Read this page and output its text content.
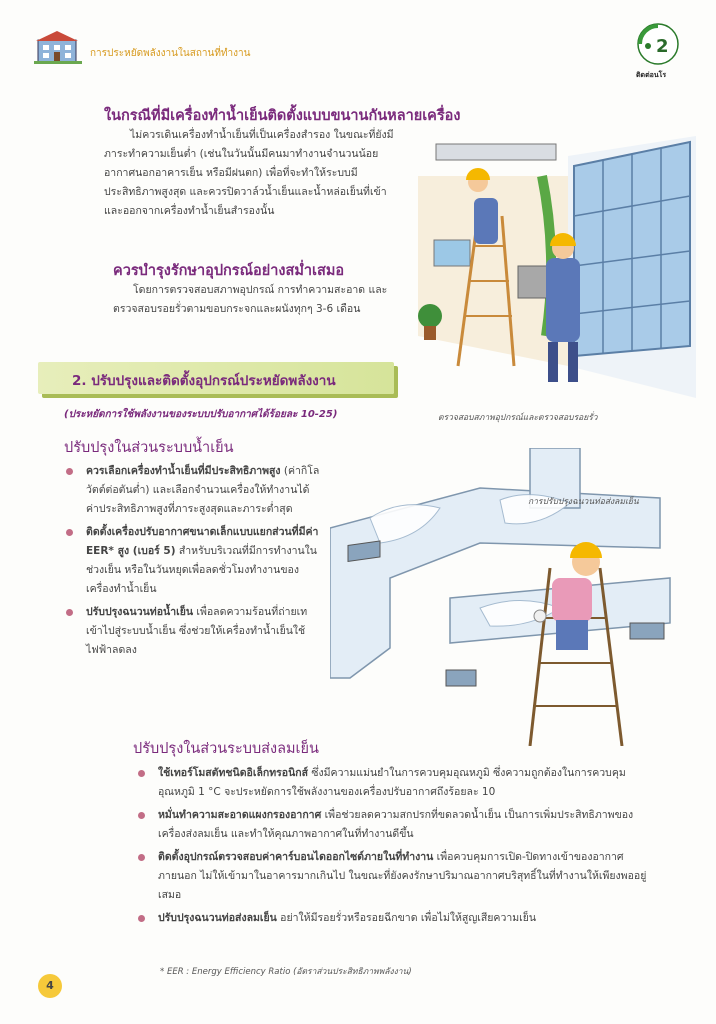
การประหยัดพลังงานในสถานที่ทำงาน	2
ติดต่อนโร
ในกรณีที่มีเครื่องทำน้ำเย็นติดตั้งแบบขนานกันหลายเครื่อง

ไม่ควรเดินเครื่องทำน้ำเย็นที่เป็นเครื่องสำรอง ในขณะที่ยังมีภาระทำความเย็นต่ำ (เช่นในวันนั้นมีคนมาทำงานจำนวนน้อย อากาศนอกอาคารเย็น หรือมีฝนตก) เพื่อที่จะทำให้ระบบมีประสิทธิภาพสูงสุด และควรปิดวาล์วน้ำเย็นและน้ำหล่อเย็นที่เข้าและออกจากเครื่องทำน้ำเย็นสำรองนั้น

ควรบำรุงรักษาอุปกรณ์อย่างสม่ำเสมอ

โดยการตรวจสอบสภาพอุปกรณ์ การทำความสะอาด และตรวจสอบรอยรั่วตามขอบกระจกและผนังทุกๆ 3-6 เดือน

2. ปรับปรุงและติดตั้งอุปกรณ์ประหยัดพลังงาน
(ประหยัดการใช้พลังงานของระบบปรับอากาศได้ร้อยละ 10-25)	ตรวจสอบสภาพอุปกรณ์และตรวจสอบรอยรั่ว
ปรับปรุงในส่วนระบบน้ำเย็น
ควรเลือกเครื่องทำน้ำเย็นที่มีประสิทธิภาพสูง (ค่ากิโลวัตต์ต่อตันต่ำ) และเลือกจำนวนเครื่องให้ทำงานได้ค่าประสิทธิภาพสูงที่ภาระสูงสุดและภาระต่ำสุด
ติดตั้งเครื่องปรับอากาศขนาดเล็กแบบแยกส่วนที่มีค่า EER* สูง (เบอร์ 5) สำหรับบริเวณที่มีการทำงานในช่วงเย็น หรือในวันหยุดเพื่อลดชั่วโมงทำงานของเครื่องทำน้ำเย็น
ปรับปรุงฉนวนท่อน้ำเย็น เพื่อลดความร้อนที่ถ่ายเทเข้าไปสู่ระบบน้ำเย็น ซึ่งช่วยให้เครื่องทำน้ำเย็นใช้ไฟฟ้าลดลง
การปรับปรุงฉนวนท่อส่งลมเย็น
ปรับปรุงในส่วนระบบส่งลมเย็น
ใช้เทอร์โมสตัทชนิดอิเล็กทรอนิกส์ ซึ่งมีความแม่นยำในการควบคุมอุณหภูมิ ซึ่งความถูกต้องในการควบคุมอุณหภูมิ 1 °C จะประหยัดการใช้พลังงานของเครื่องปรับอากาศถึงร้อยละ 10
หมั่นทำความสะอาดแผงกรองอากาศ เพื่อช่วยลดความสกปรกที่ขดลวดน้ำเย็น เป็นการเพิ่มประสิทธิภาพของเครื่องส่งลมเย็น และทำให้คุณภาพอากาศในที่ทำงานดีขึ้น
ติดตั้งอุปกรณ์ตรวจสอบค่าคาร์บอนไดออกไซด์ภายในที่ทำงาน เพื่อควบคุมการเปิด-ปิดทางเข้าของอากาศภายนอก ไม่ให้เข้ามาในอาคารมากเกินไป ในขณะที่ยังคงรักษาปริมาณอากาศบริสุทธิ์ในที่ทำงานให้เพียงพออยู่เสมอ
ปรับปรุงฉนวนท่อส่งลมเย็น อย่าให้มีรอยรั่วหรือรอยฉีกขาด เพื่อไม่ให้สูญเสียความเย็น
* EER : Energy Efficiency Ratio (อัตราส่วนประสิทธิภาพพลังงาน)
4
